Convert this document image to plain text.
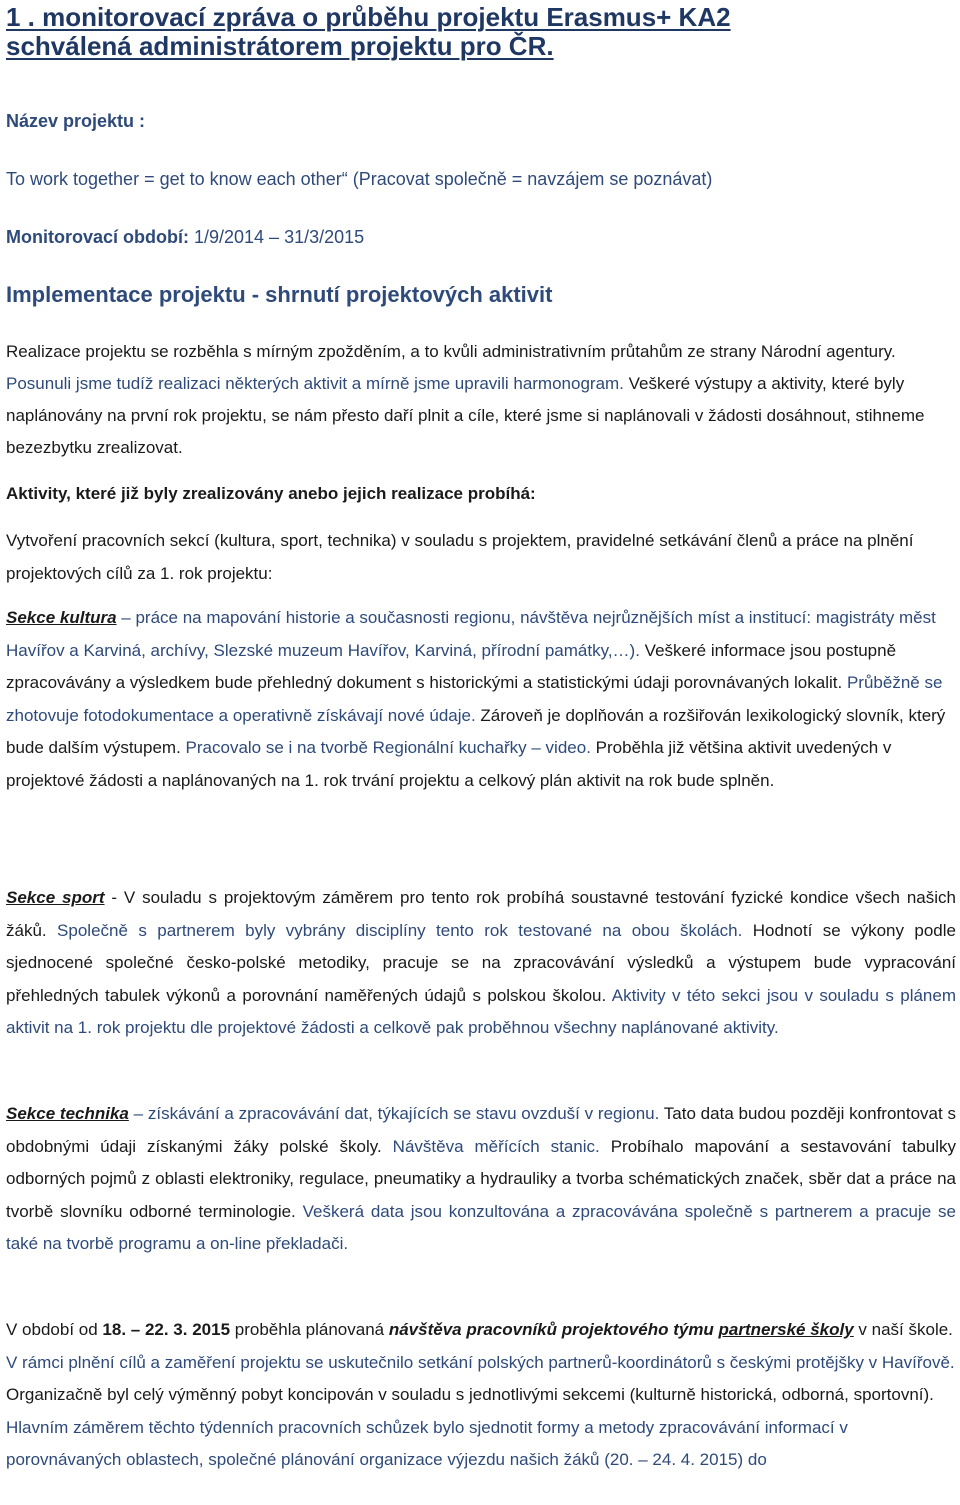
1 . monitorovací zpráva o průběhu projektu Erasmus+ KA2
schválená administrátorem projektu pro ČR.
Název projektu :
To work together = get to know each other“ (Pracovat společně = navzájem se poznávat)
Monitorovací období: 1/9/2014 – 31/3/2015
Implementace projektu - shrnutí projektových aktivit

Realizace projektu se rozběhla s mírným zpožděním, a to kvůli administrativním průtahům ze strany Národní agentury. Posunuli jsme tudíž realizaci některých aktivit a mírně jsme upravili harmonogram. Veškeré výstupy a aktivity, které byly naplánovány na první rok projektu, se nám přesto daří plnit a cíle, které jsme si naplánovali v žádosti dosáhnout, stihneme bezezbytku zrealizovat.

Aktivity, které již byly zrealizovány anebo jejich realizace probíhá:

Vytvoření pracovních sekcí (kultura, sport, technika) v souladu s projektem, pravidelné setkávání členů a práce na plnění projektových cílů za 1. rok projektu:

Sekce kultura – práce na mapování historie a současnosti regionu, návštěva nejrůznějších míst a institucí: magistráty měst Havířov a Karviná, archívy, Slezské muzeum Havířov, Karviná, přírodní památky,…). Veškeré informace jsou postupně zpracovávány a výsledkem bude přehledný dokument s historickými a statistickými údaji porovnávaných lokalit. Průběžně se zhotovuje fotodokumentace a operativně získávají nové údaje. Zároveň je doplňován a rozšiřován lexikologický slovník, který bude dalším výstupem. Pracovalo se i na tvorbě Regionální kuchařky – video. Proběhla již většina aktivit uvedených v projektové žádosti a naplánovaných na 1. rok trvání projektu a celkový plán aktivit na rok bude splněn.

Sekce sport - V souladu s projektovým záměrem pro tento rok probíhá soustavné testování fyzické kondice všech našich žáků. Společně s partnerem byly vybrány disciplíny tento rok testované na obou školách. Hodnotí se výkony podle sjednocené společné česko-polské metodiky, pracuje se na zpracovávání výsledků a výstupem bude vypracování přehledných tabulek výkonů a porovnání naměřených údajů s polskou školou. Aktivity v této sekci jsou v souladu s plánem aktivit na 1. rok projektu dle projektové žádosti a celkově pak proběhnou všechny naplánované aktivity.

Sekce technika – získávání a zpracovávání dat, týkajících se stavu ovzduší v regionu. Tato data budou později konfrontovat s obdobnými údaji získanými žáky polské školy. Návštěva měřících stanic. Probíhalo mapování a sestavování tabulky odborných pojmů z oblasti elektroniky, regulace, pneumatiky a hydrauliky a tvorba schématických značek, sběr dat a práce na tvorbě slovníku odborné terminologie. Veškerá data jsou konzultována a zpracovávána společně s partnerem a pracuje se také na tvorbě programu a on-line překladači.

V období od 18. – 22. 3. 2015 proběhla plánovaná návštěva pracovníků projektového týmu partnerské školy v naší škole. V rámci plnění cílů a zaměření projektu se uskutečnilo setkání polských partnerů-koordinátorů s českými protějšky v Havířově. Organizačně byl celý výměnný pobyt koncipován v souladu s jednotlivými sekcemi (kulturně historická, odborná, sportovní). Hlavním záměrem těchto týdenních pracovních schůzek bylo sjednotit formy a metody zpracovávání informací v porovnávaných oblastech, společné plánování organizace výjezdu našich žáků (20. – 24. 4. 2015) do
